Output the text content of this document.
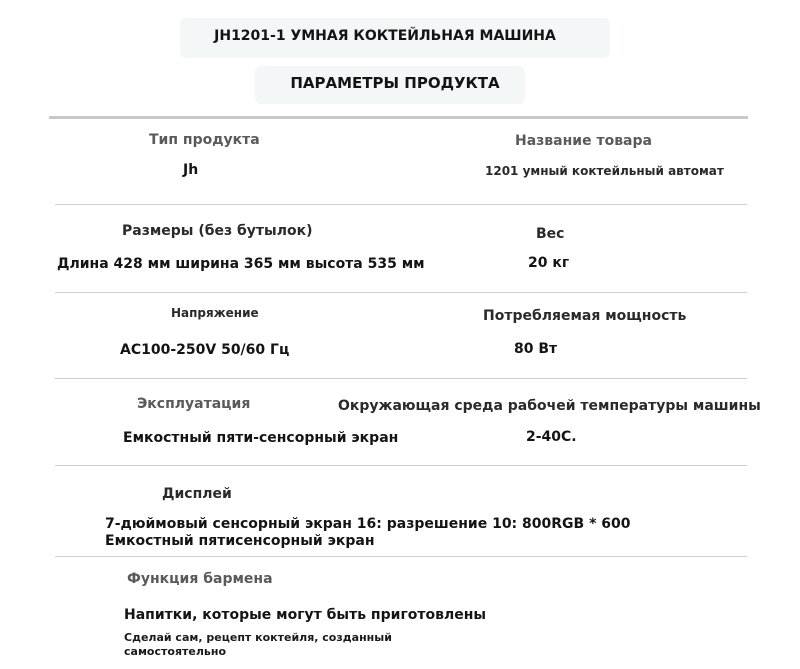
JH1201-1 УМНАЯ КОКТЕЙЛЬНАЯ МАШИНА
ПАРАМЕТРЫ ПРОДУКТА
Тип продукта
Jh
Название товара
1201 умный коктейльный автомат
Размеры (без бутылок)
Длина 428 мм ширина 365 мм высота 535 мм
Вес
20 кг
Напряжение
AC100-250V 50/60 Гц
Потребляемая мощность
80 Вт
Эксплуатация
Емкостный пяти-сенсорный экран
Окружающая среда рабочей температуры машины
2-40C.
Дисплей
7-дюймовый сенсорный экран 16: разрешение 10: 800RGB * 600 Емкостный пятисенсорный экран
Функция бармена
Напитки, которые могут быть приготовлены
Сделай сам, рецепт коктейля, созданный самостоятельно
